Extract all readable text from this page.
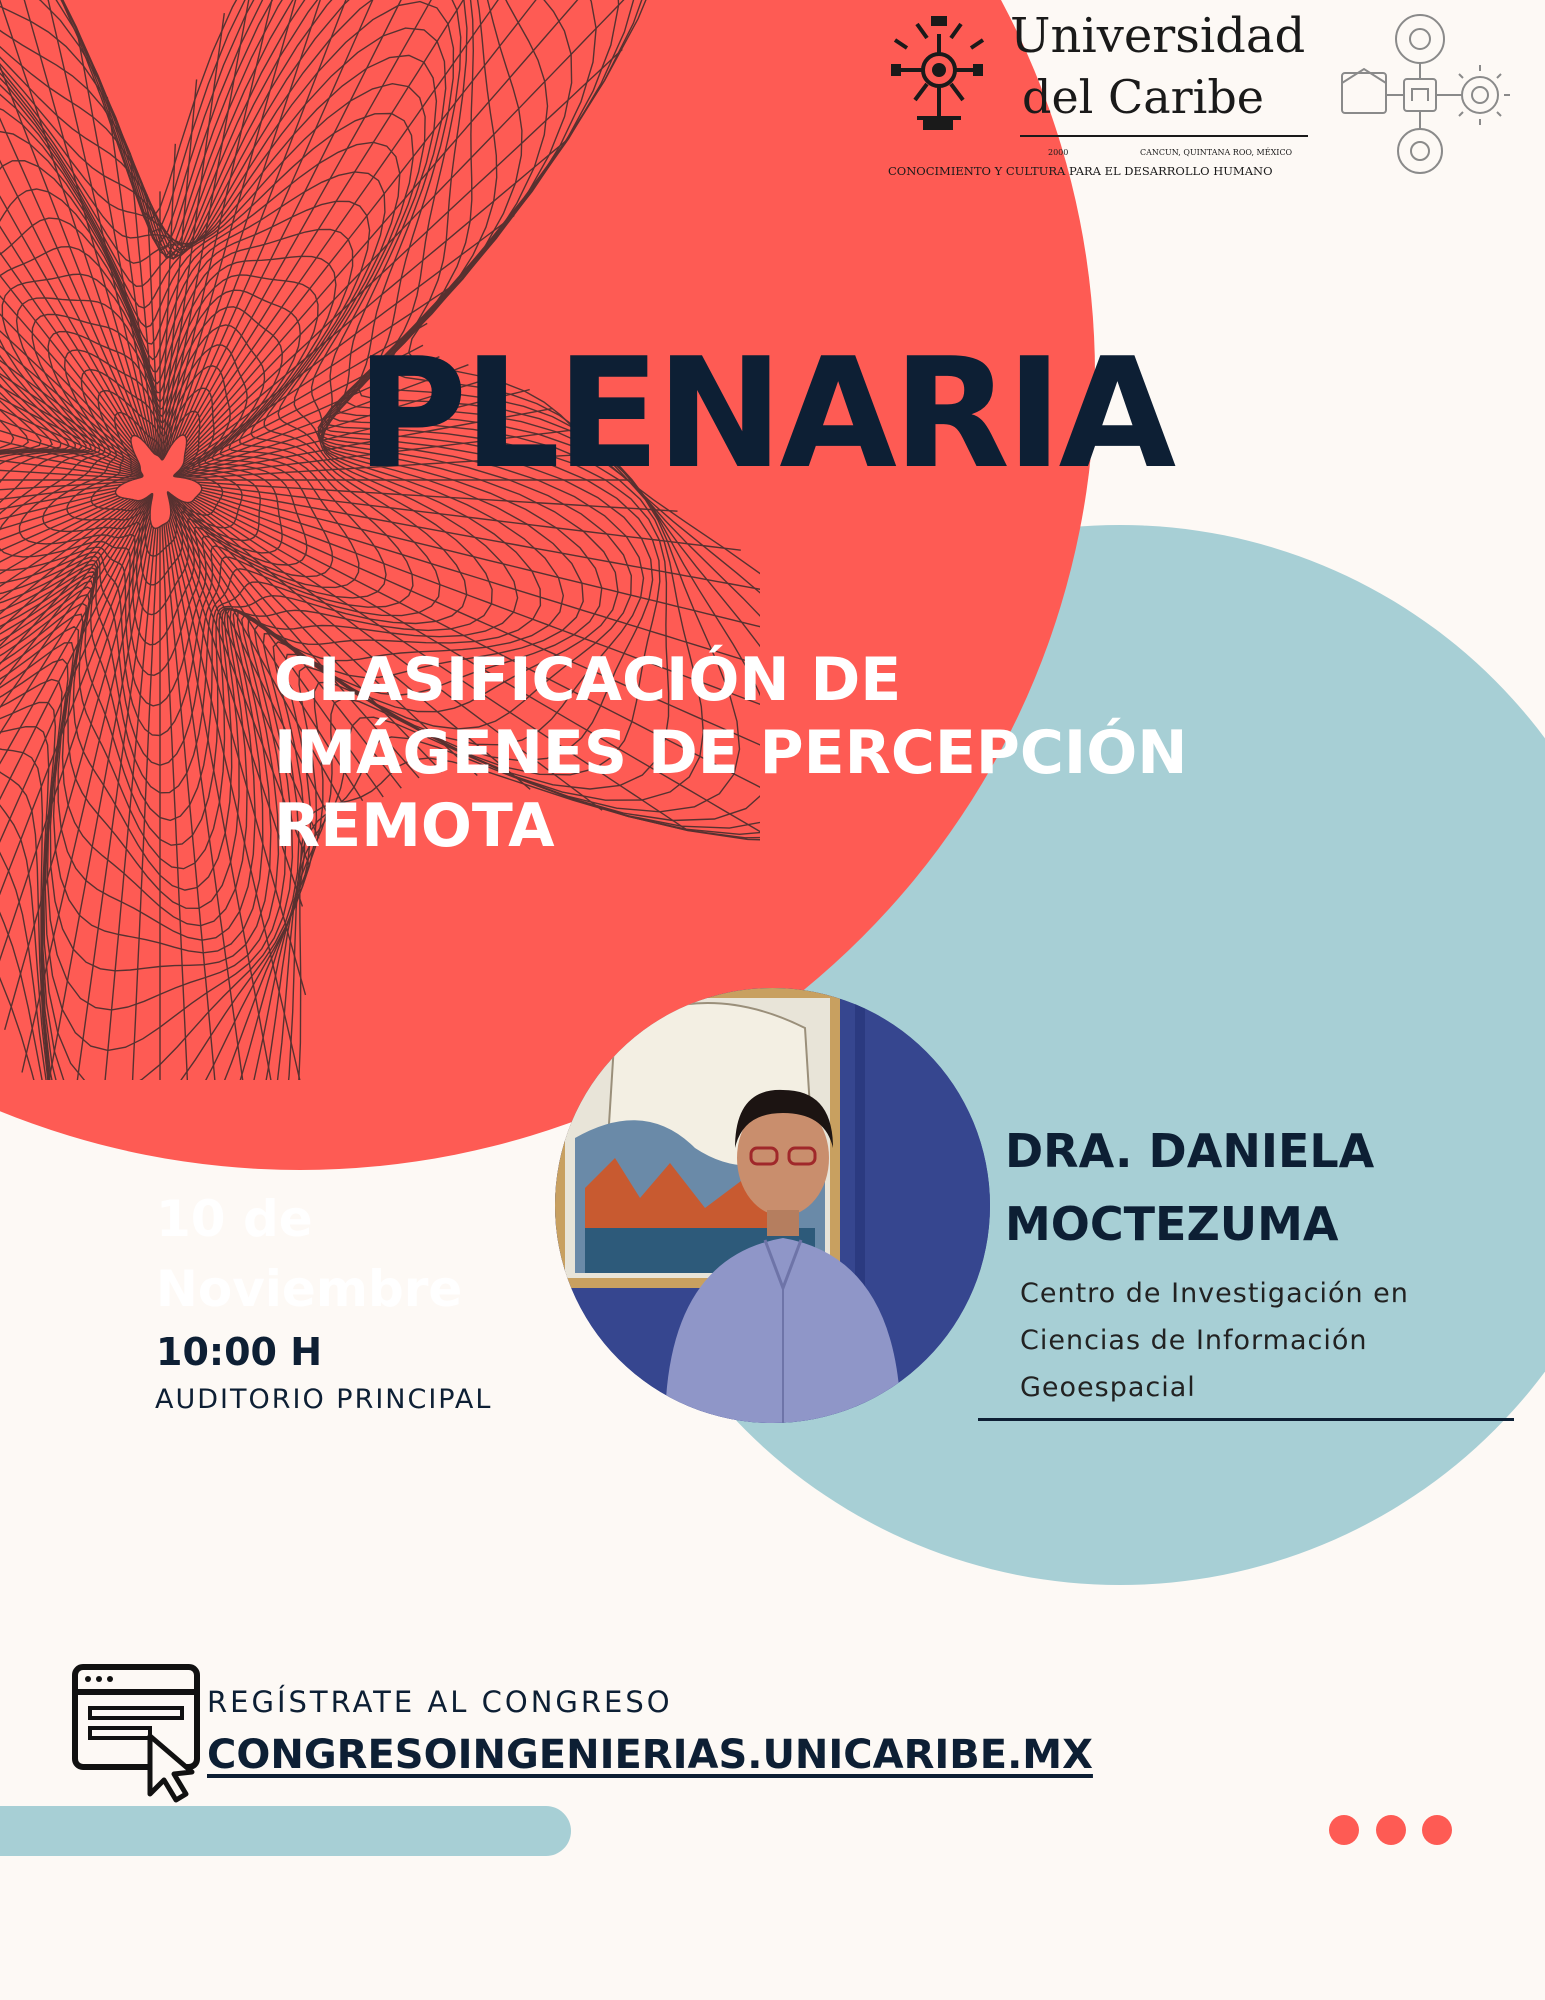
Universidad
del Caribe
2000	CANCUN, QUINTANA ROO, MÉXICO
CONOCIMIENTO Y CULTURA PARA EL DESARROLLO HUMANO
PLENARIA
CLASIFICACIÓN DE
IMÁGENES DE PERCEPCIÓN
REMOTA
10 de
Noviembre
10:00 H
AUDITORIO PRINCIPAL
DRA. DANIELA
MOCTEZUMA
Centro de Investigación en
Ciencias de Información
Geoespacial
REGÍSTRATE AL CONGRESO
CONGRESOINGENIERIAS.UNICARIBE.MX
